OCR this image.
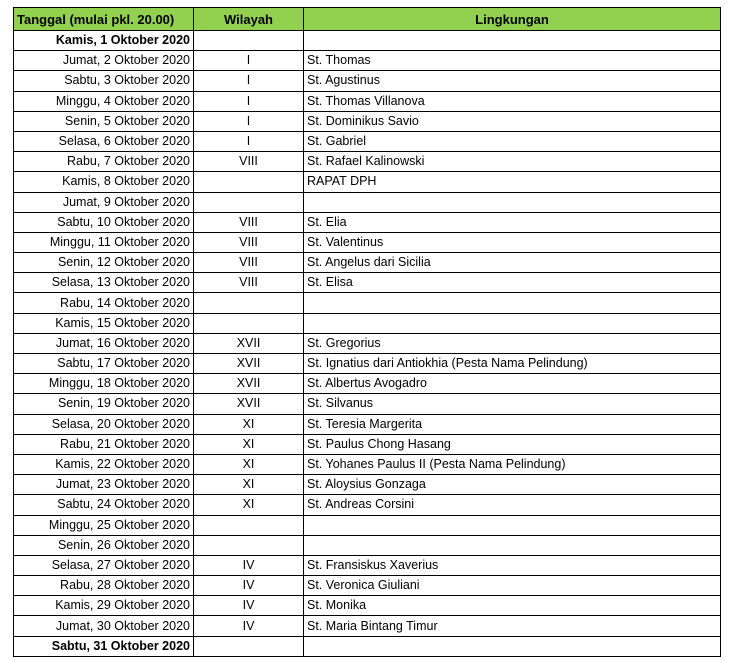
Tanggal (mulai pkl. 20.00)	Wilayah	Lingkungan
Kamis, 1 Oktober 2020		
Jumat, 2 Oktober 2020	I	St. Thomas
Sabtu, 3 Oktober 2020	I	St. Agustinus
Minggu, 4 Oktober 2020	I	St. Thomas Villanova
Senin, 5 Oktober 2020	I	St. Dominikus Savio
Selasa, 6 Oktober 2020	I	St. Gabriel
Rabu, 7 Oktober 2020	VIII	St. Rafael Kalinowski
Kamis, 8 Oktober 2020		RAPAT DPH
Jumat, 9 Oktober 2020		
Sabtu, 10 Oktober 2020	VIII	St. Elia
Minggu, 11 Oktober 2020	VIII	St. Valentinus
Senin, 12 Oktober 2020	VIII	St. Angelus dari Sicilia
Selasa, 13 Oktober 2020	VIII	St. Elisa
Rabu, 14 Oktober 2020		
Kamis, 15 Oktober 2020		
Jumat, 16 Oktober 2020	XVII	St. Gregorius
Sabtu, 17 Oktober 2020	XVII	St. Ignatius dari Antiokhia (Pesta Nama Pelindung)
Minggu, 18 Oktober 2020	XVII	St. Albertus Avogadro
Senin, 19 Oktober 2020	XVII	St. Silvanus
Selasa, 20 Oktober 2020	XI	St. Teresia Margerita
Rabu, 21 Oktober 2020	XI	St. Paulus Chong Hasang
Kamis, 22 Oktober 2020	XI	St. Yohanes Paulus II (Pesta Nama Pelindung)
Jumat, 23 Oktober 2020	XI	St. Aloysius Gonzaga
Sabtu, 24 Oktober 2020	XI	St. Andreas Corsini
Minggu, 25 Oktober 2020		
Senin, 26 Oktober 2020		
Selasa, 27 Oktober 2020	IV	St. Fransiskus Xaverius
Rabu, 28 Oktober 2020	IV	St. Veronica Giuliani
Kamis, 29 Oktober 2020	IV	St. Monika
Jumat, 30 Oktober 2020	IV	St. Maria Bintang Timur
Sabtu, 31 Oktober 2020		
